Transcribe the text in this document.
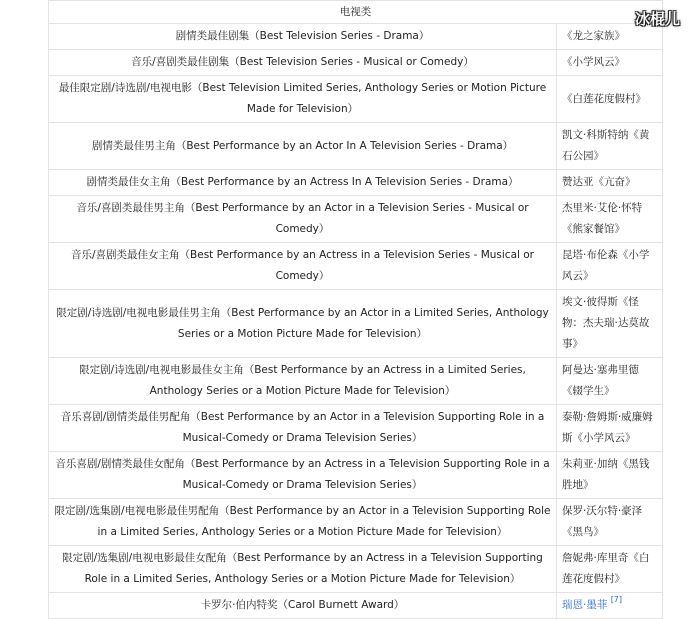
电视类	
剧情类最佳剧集（Best Television Series - Drama）	《龙之家族》
音乐/喜剧类最佳剧集（Best Television Series - Musical or Comedy）	《小学风云》
最佳限定剧/诗选剧/电视电影（Best Television Limited Series, Anthology Series or Motion Picture Made for Television）	《白莲花度假村》
剧情类最佳男主角（Best Performance by an Actor In A Television Series - Drama）	凯文·科斯特纳《黄石公园》
剧情类最佳女主角（Best Performance by an Actress In A Television Series - Drama）	赞达亚《亢奋》
音乐/喜剧类最佳男主角（Best Performance by an Actor in a Television Series - Musical or Comedy）	杰里米·艾伦·怀特《熊家餐馆》
音乐/喜剧类最佳女主角（Best Performance by an Actress in a Television Series - Musical or Comedy）	昆塔·布伦森《小学风云》
限定剧/诗选剧/电视电影最佳男主角（Best Performance by an Actor in a Limited Series, Anthology Series or a Motion Picture Made for Television）	埃文·彼得斯《怪物：杰夫瑞·达莫故事》
限定剧/诗选剧/电视电影最佳女主角（Best Performance by an Actress in a Limited Series, Anthology Series or a Motion Picture Made for Television）	阿曼达·塞弗里德《辍学生》
音乐喜剧/剧情类最佳男配角（Best Performance by an Actor in a Television Supporting Role in a Musical-Comedy or Drama Television Series）	泰勒·詹姆斯·威廉姆斯《小学风云》
音乐喜剧/剧情类最佳女配角（Best Performance by an Actress in a Television Supporting Role in a Musical-Comedy or Drama Television Series）	朱莉亚·加纳《黑钱胜地》
限定剧/选集剧/电视电影最佳男配角（Best Performance by an Actor in a Television Supporting Role in a Limited Series, Anthology Series or a Motion Picture Made for Television）	保罗·沃尔特·豪泽《黑鸟》
限定剧/选集剧/电视电影最佳女配角（Best Performance by an Actress in a Television Supporting Role in a Limited Series, Anthology Series or a Motion Picture Made for Television）	詹妮弗·库里奇《白莲花度假村》
卡罗尔·伯内特奖（Carol Burnett Award）	瑞恩·墨菲 [7]
冰棍儿
